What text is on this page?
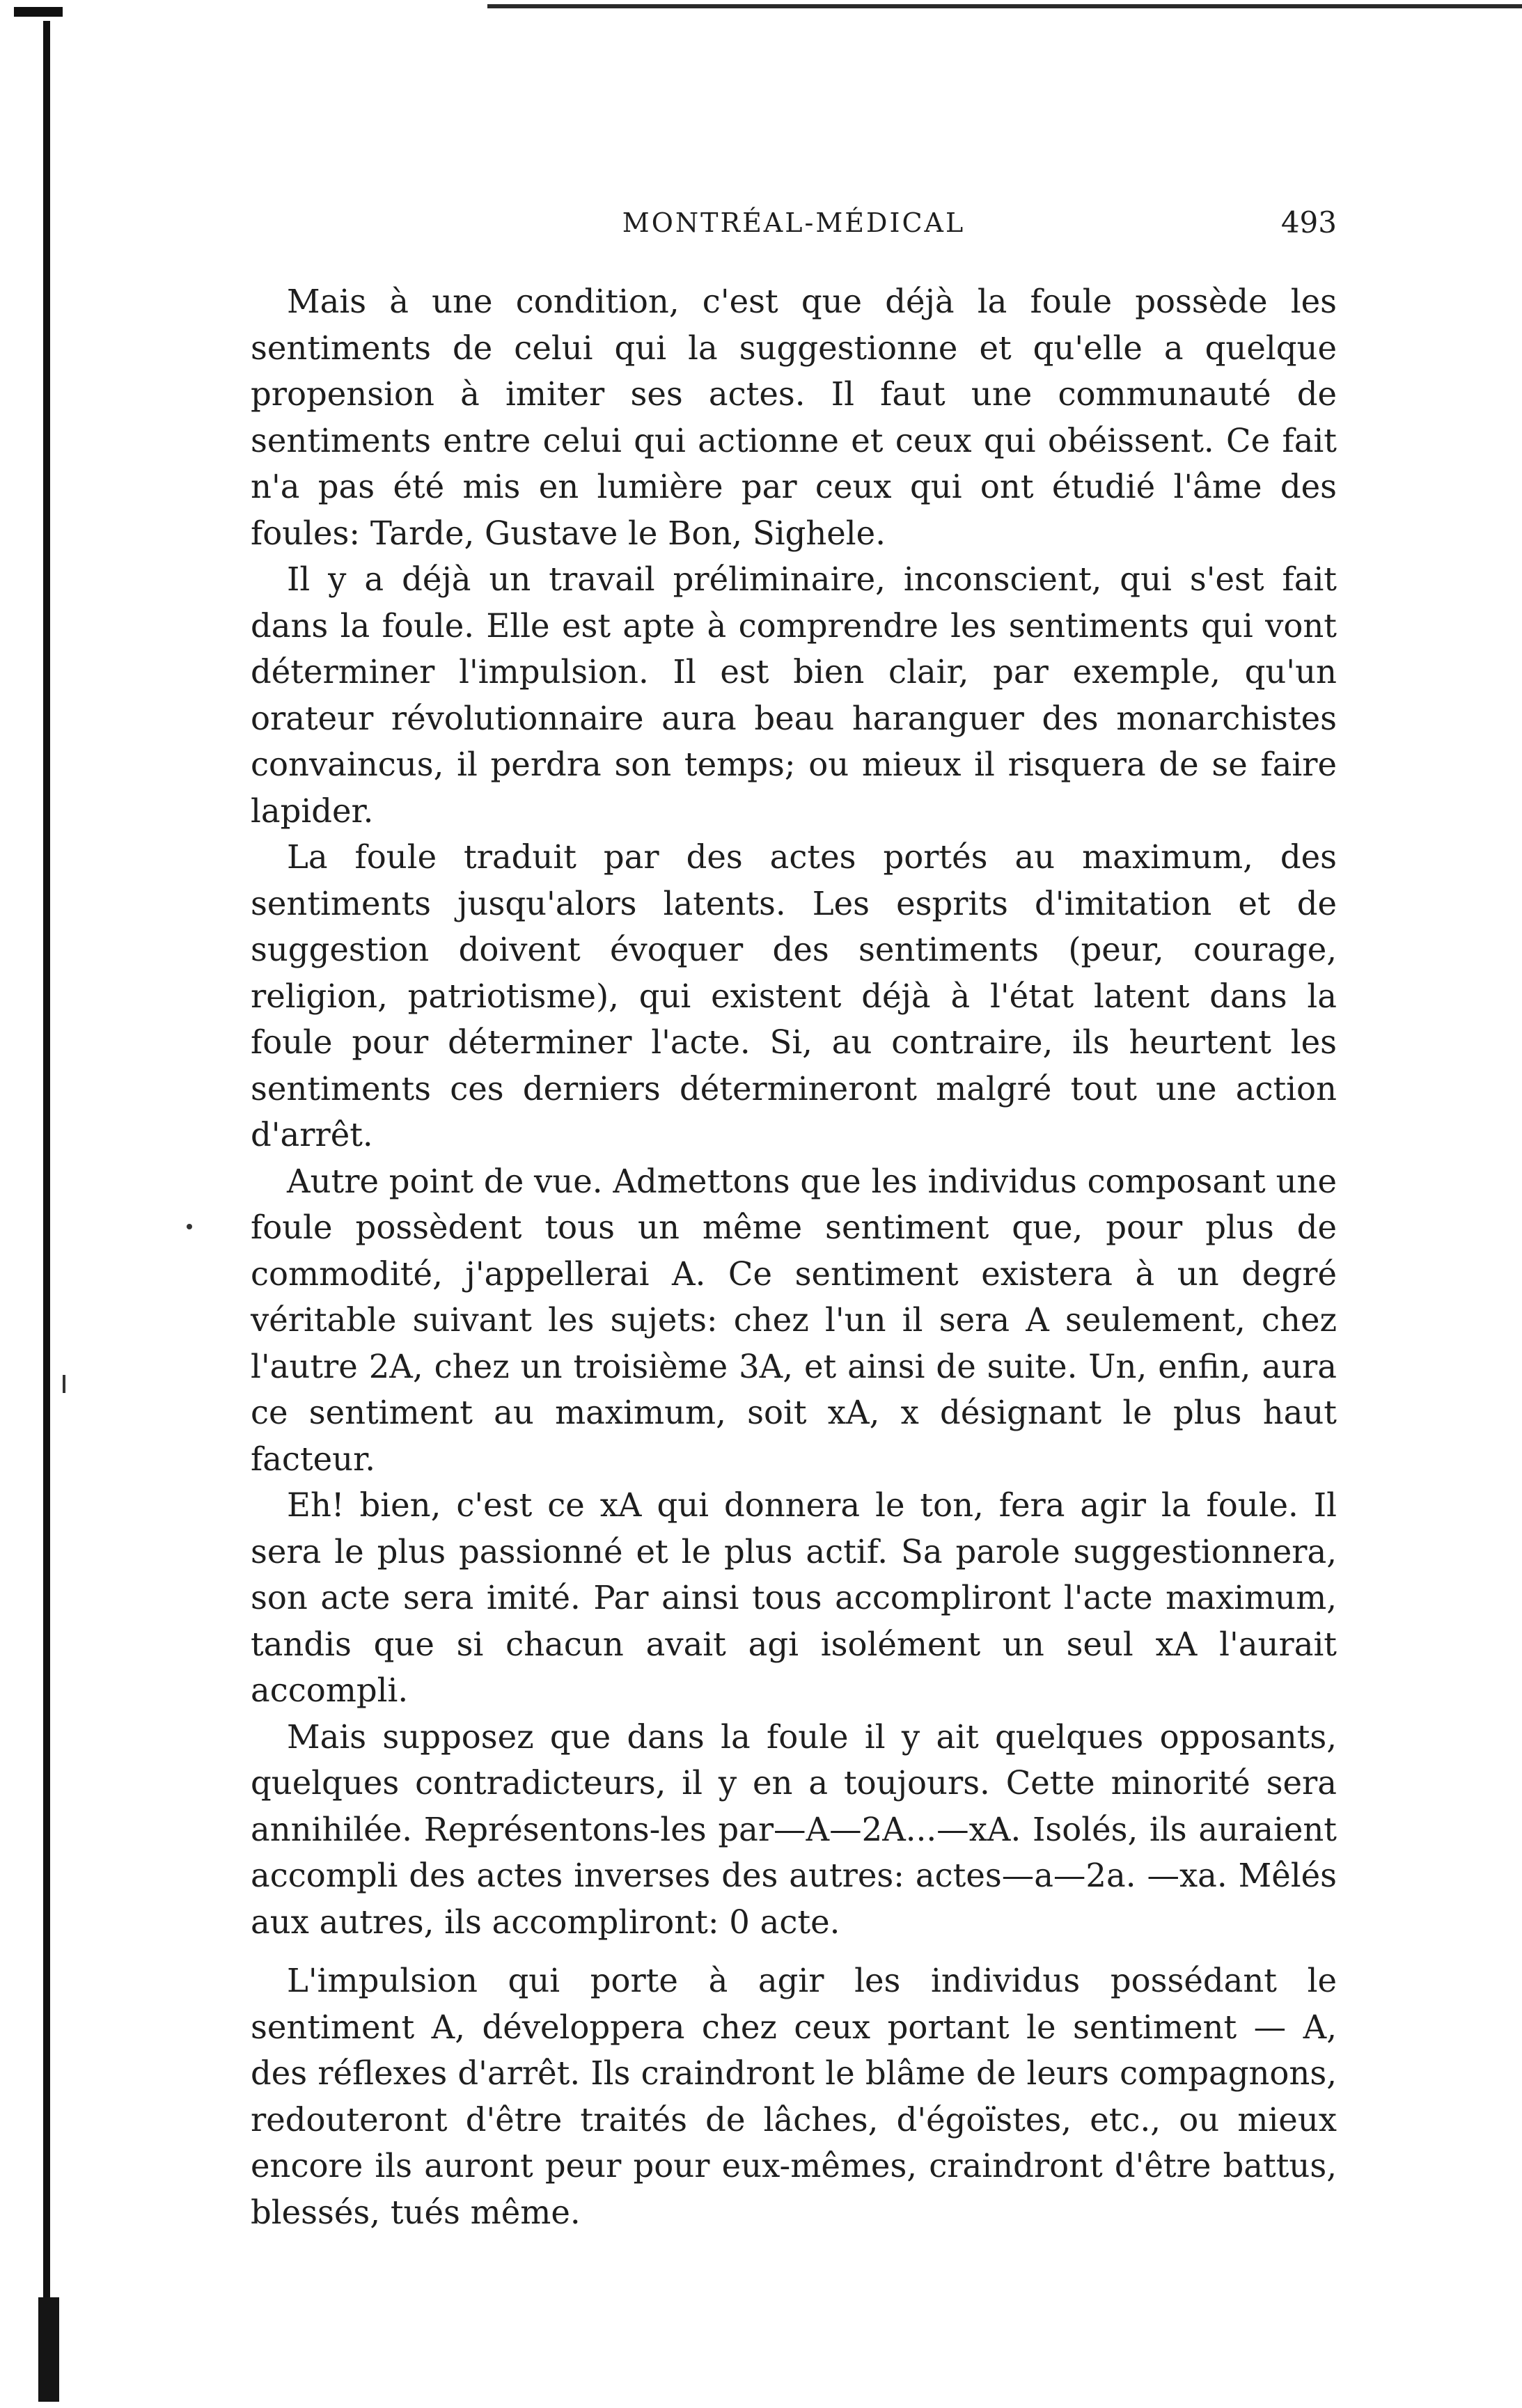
MONTRÉAL-MÉDICAL	493

Mais à une condition, c'est que déjà la foule possède les sentiments de celui qui la suggestionne et qu'elle a quelque propension à imiter ses actes. Il faut une communauté de sentiments entre celui qui actionne et ceux qui obéissent. Ce fait n'a pas été mis en lumière par ceux qui ont étudié l'âme des foules: Tarde, Gustave le Bon, Sighele.

Il y a déjà un travail préliminaire, inconscient, qui s'est fait dans la foule. Elle est apte à comprendre les sentiments qui vont déterminer l'impulsion. Il est bien clair, par exemple, qu'un orateur révolutionnaire aura beau haranguer des monarchistes convaincus, il perdra son temps; ou mieux il risquera de se faire lapider.

La foule traduit par des actes portés au maximum, des sentiments jusqu'alors latents. Les esprits d'imitation et de suggestion doivent évoquer des sentiments (peur, courage, religion, patriotisme), qui existent déjà à l'état latent dans la foule pour déterminer l'acte. Si, au contraire, ils heurtent les sentiments ces derniers détermineront malgré tout une action d'arrêt.

Autre point de vue. Admettons que les individus composant une foule possèdent tous un même sentiment que, pour plus de commodité, j'appellerai A. Ce sentiment existera à un degré véritable suivant les sujets: chez l'un il sera A seulement, chez l'autre 2A, chez un troisième 3A, et ainsi de suite. Un, enfin, aura ce sentiment au maximum, soit xA, x désignant le plus haut facteur.

Eh! bien, c'est ce xA qui donnera le ton, fera agir la foule. Il sera le plus passionné et le plus actif. Sa parole suggestionnera, son acte sera imité. Par ainsi tous accompliront l'acte maximum, tandis que si chacun avait agi isolément un seul xA l'aurait accompli.

Mais supposez que dans la foule il y ait quelques opposants, quelques contradicteurs, il y en a toujours. Cette minorité sera annihilée. Représentons-les par—A—2A...—xA. Isolés, ils auraient accompli des actes inverses des autres: actes—a—2a. —xa. Mêlés aux autres, ils accompliront: 0 acte.

L'impulsion qui porte à agir les individus possédant le sentiment A, développera chez ceux portant le sentiment — A, des réflexes d'arrêt. Ils craindront le blâme de leurs compagnons, redouteront d'être traités de lâches, d'égoïstes, etc., ou mieux encore ils auront peur pour eux-mêmes, craindront d'être battus, blessés, tués même.
